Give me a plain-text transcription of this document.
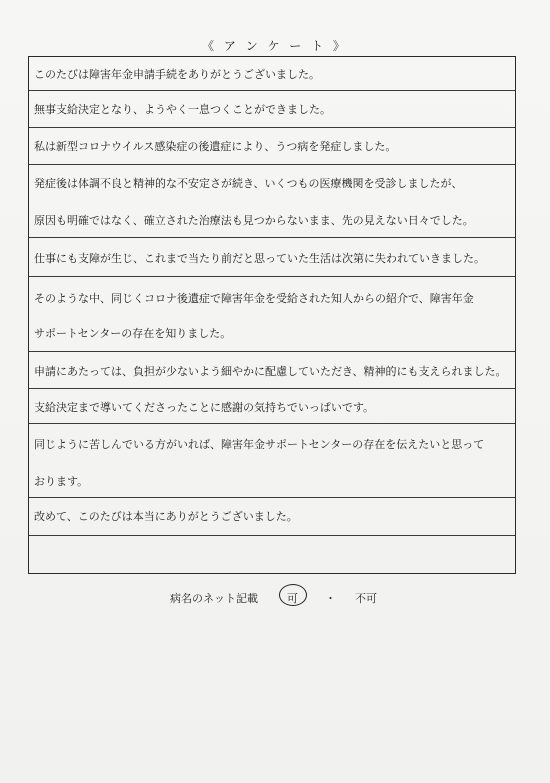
《 ア ン ケ ー ト 》
このたびは障害年金申請手続をありがとうございました。
無事支給決定となり、ようやく一息つくことができました。
私は新型コロナウイルス感染症の後遺症により、うつ病を発症しました。
発症後は体調不良と精神的な不安定さが続き、いくつもの医療機関を受診しましたが、
原因も明確ではなく、確立された治療法も見つからないまま、先の見えない日々でした。
仕事にも支障が生じ、これまで当たり前だと思っていた生活は次第に失われていきました。
そのような中、同じくコロナ後遺症で障害年金を受給された知人からの紹介で、障害年金
サポートセンターの存在を知りました。
申請にあたっては、負担が少ないよう細やかに配慮していただき、精神的にも支えられました。
支給決定まで導いてくださったことに感謝の気持ちでいっぱいです。
同じように苦しんでいる方がいれば、障害年金サポートセンターの存在を伝えたいと思って
おります。
改めて、このたびは本当にありがとうございました。
病名のネット記載	可 ・ 不可
